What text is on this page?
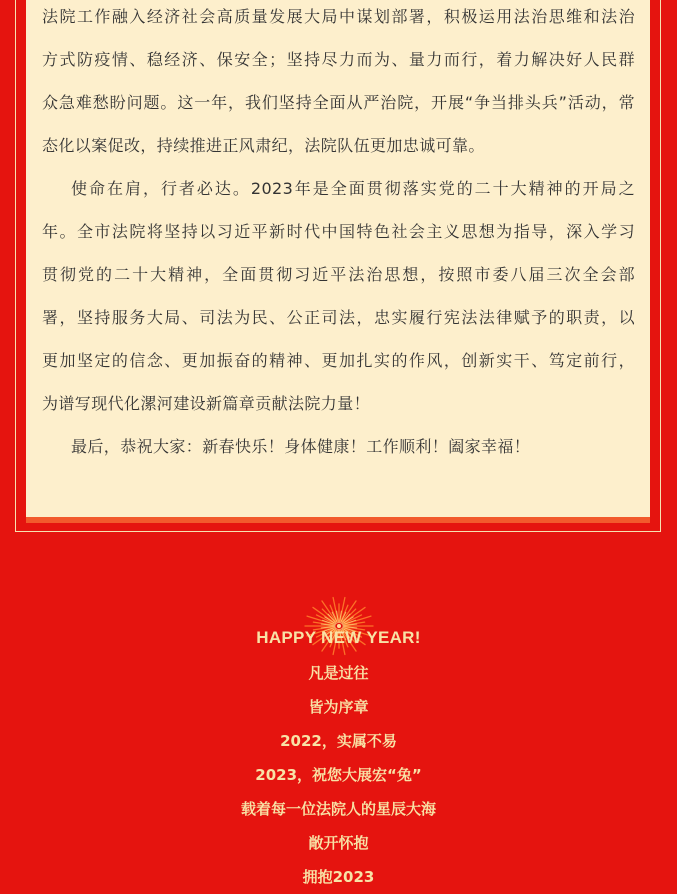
法院工作融入经济社会高质量发展大局中谋划部署，积极运用法治思维和法治
方式防疫情、稳经济、保安全；坚持尽力而为、量力而行，着力解决好人民群
众急难愁盼问题。这一年，我们坚持全面从严治院，开展“争当排头兵”活动，常
态化以案促改，持续推进正风肃纪，法院队伍更加忠诚可靠。
使命在肩，行者必达。2023年是全面贯彻落实党的二十大精神的开局之
年。全市法院将坚持以习近平新时代中国特色社会主义思想为指导，深入学习
贯彻党的二十大精神，全面贯彻习近平法治思想，按照市委八届三次全会部
署，坚持服务大局、司法为民、公正司法，忠实履行宪法法律赋予的职责，以
更加坚定的信念、更加振奋的精神、更加扎实的作风，创新实干、笃定前行，
为谱写现代化漯河建设新篇章贡献法院力量！
最后，恭祝大家：新春快乐！身体健康！工作顺利！阖家幸福！
HAPPY NEW YEAR!
凡是过往
皆为序章
2022，实属不易
2023，祝您大展宏“兔”
载着每一位法院人的星辰大海
敞开怀抱
拥抱2023
